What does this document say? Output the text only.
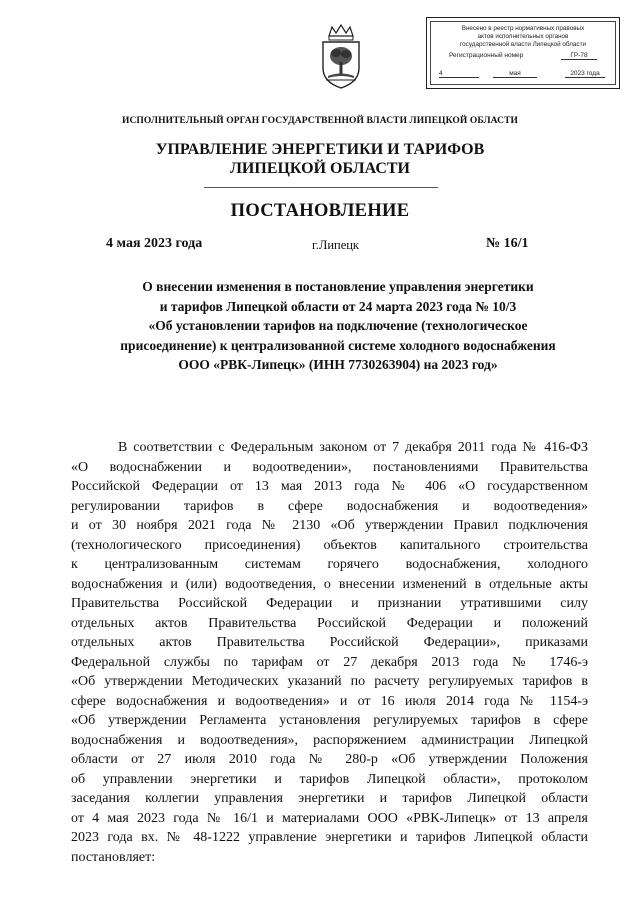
Внесено в реестр нормативных правовых
актов исполнительных органов
государственной власти Липецкой области
Регистрационный номер	ГР-78
4	мая	2023 года
ИСПОЛНИТЕЛЬНЫЙ ОРГАН ГОСУДАРСТВЕННОЙ ВЛАСТИ ЛИПЕЦКОЙ ОБЛАСТИ
УПРАВЛЕНИЕ ЭНЕРГЕТИКИ И ТАРИФОВ
ЛИПЕЦКОЙ ОБЛАСТИ
ПОСТАНОВЛЕНИЕ
4 мая 2023 года	г.Липецк	№ 16/1
О внесении изменения в постановление управления энергетики
и тарифов Липецкой области от 24 марта 2023 года № 10/3
«Об установлении тарифов на подключение (технологическое
присоединение) к централизованной системе холодного водоснабжения
ООО «РВК-Липецк» (ИНН 7730263904) на 2023 год»
В соответствии с Федеральным законом от 7 декабря 2011 года № 416-ФЗ
«О водоснабжении и водоотведении», постановлениями Правительства
Российской Федерации от 13 мая 2013 года № 406 «О государственном
регулировании тарифов в сфере водоснабжения и водоотведения»
и от 30 ноября 2021 года № 2130 «Об утверждении Правил подключения
(технологического присоединения) объектов капитального строительства
к централизованным системам горячего водоснабжения, холодного
водоснабжения и (или) водоотведения, о внесении изменений в отдельные акты
Правительства Российской Федерации и признании утратившими силу
отдельных актов Правительства Российской Федерации и положений
отдельных актов Правительства Российской Федерации», приказами
Федеральной службы по тарифам от 27 декабря 2013 года № 1746-э
«Об утверждении Методических указаний по расчету регулируемых тарифов в
сфере водоснабжения и водоотведения» и от 16 июля 2014 года № 1154-э
«Об утверждении Регламента установления регулируемых тарифов в сфере
водоснабжения и водоотведения», распоряжением администрации Липецкой
области от 27 июля 2010 года № 280-р «Об утверждении Положения
об управлении энергетики и тарифов Липецкой области», протоколом
заседания коллегии управления энергетики и тарифов Липецкой области
от 4 мая 2023 года № 16/1 и материалами ООО «РВК-Липецк» от 13 апреля
2023 года вх. № 48-1222 управление энергетики и тарифов Липецкой области
постановляет:
